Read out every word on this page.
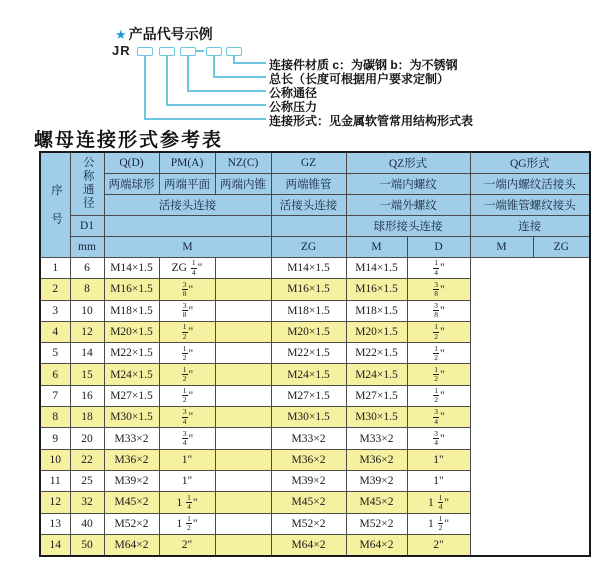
★ 产品代号示例
JR
连接件材质 c：为碳钢 b：为不锈钢
总长（长度可根据用户要求定制）
公称通径
公称压力
连接形式：见金属软管常用结构形式表
螺母连接形式参考表
序号	公称通径	Q(D)	PM(A)	NZ(C)	GZ	QZ形式		QG形式	
		两端球形	两端平面	两端内锥	两端锥管	一端内螺纹		一端内螺纹活接头	
		活接头连接			活接头连接	一端外螺纹		一端锥管螺纹接头	
	D1					球形接头连接		连接	
	mm	M			ZG	M	D	M	ZG
1	6	M14×1.5	ZG $\frac{1}{4}$ "		M14×1.5	M14×1.5	$\frac{1}{4}$ "		
2	8	M16×1.5	$\frac{3}{8}$ "		M16×1.5	M16×1.5	$\frac{3}{8}$ "		
3	10	M18×1.5	$\frac{3}{8}$ "		M18×1.5	M18×1.5	$\frac{3}{8}$ "		
4	12	M20×1.5	$\frac{1}{2}$ "		M20×1.5	M20×1.5	$\frac{1}{2}$ "		
5	14	M22×1.5	$\frac{1}{2}$ "		M22×1.5	M22×1.5	$\frac{1}{2}$ "		
6	15	M24×1.5	$\frac{1}{2}$ "		M24×1.5	M24×1.5	$\frac{1}{2}$ "		
7	16	M27×1.5	$\frac{1}{2}$ "		M27×1.5	M27×1.5	$\frac{1}{2}$ "		
8	18	M30×1.5	$\frac{3}{4}$ "		M30×1.5	M30×1.5	$\frac{3}{4}$ "		
9	20	M33×2	$\frac{3}{4}$ "		M33×2	M33×2	$\frac{3}{4}$ "		
10	22	M36×2	1"		M36×2	M36×2	1"		
11	25	M39×2	1"		M39×2	M39×2	1"		
12	32	M45×2	$1 \frac{1}{4}$ "		M45×2	M45×2	$1 \frac{1}{4}$ "		
13	40	M52×2	$1 \frac{1}{2}$ "		M52×2	M52×2	$1 \frac{1}{2}$ "		
14	50	M64×2	2"		M64×2	M64×2	2"		
